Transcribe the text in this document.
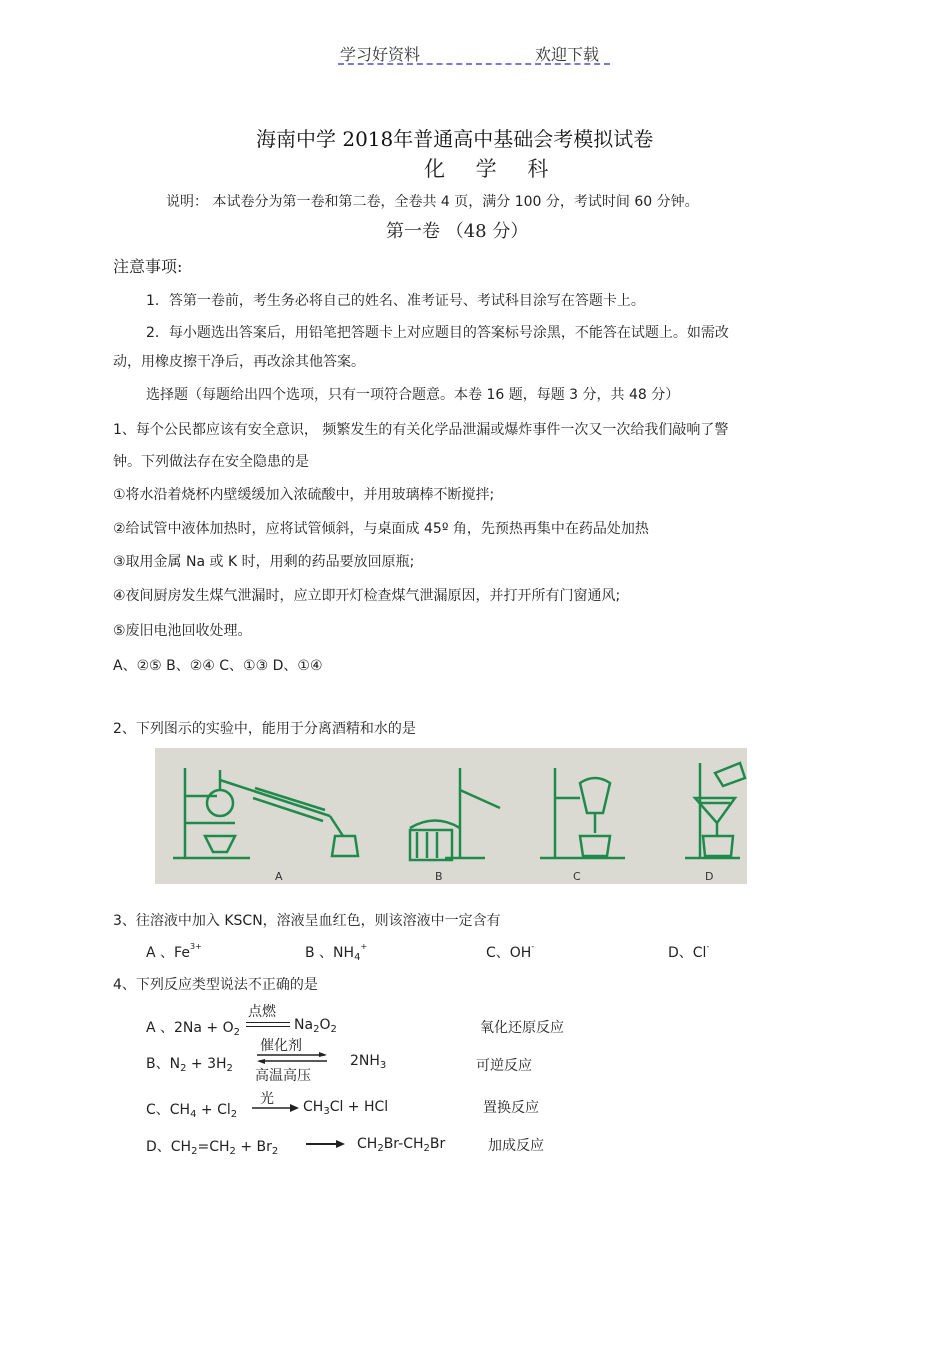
学习好资料	欢迎下载
海南中学 2018年普通高中基础会考模拟试卷
化 学 科
说明： 本试卷分为第一卷和第二卷，全卷共 4 页，满分 100 分，考试时间 60 分钟。
第一卷 （48 分）
注意事项:
1．答第一卷前，考生务必将自己的姓名、准考证号、考试科目涂写在答题卡上。
2．每小题选出答案后，用铅笔把答题卡上对应题目的答案标号涂黑，不能答在试题上。如需改
动，用橡皮擦干净后，再改涂其他答案。
选择题（每题给出四个选项，只有一项符合题意。本卷 16 题，每题 3 分，共 48 分）
1、每个公民都应该有安全意识， 频繁发生的有关化学品泄漏或爆炸事件一次又一次给我们敲响了警
钟。下列做法存在安全隐患的是
①将水沿着烧杯内壁缓缓加入浓硫酸中，并用玻璃棒不断搅拌;
②给试管中液体加热时，应将试管倾斜，与桌面成 45º 角，先预热再集中在药品处加热
③取用金属 Na 或 K 时，用剩的药品要放回原瓶;
④夜间厨房发生煤气泄漏时，应立即开灯检查煤气泄漏原因，并打开所有门窗通风;
⑤废旧电池回收处理。
A、②⑤ B、②④ C、①③ D、①④
2、下列图示的实验中，能用于分离酒精和水的是
A	B	C	D
3、往溶液中加入 KSCN，溶液呈血红色，则该溶液中一定含有
A 、$Fe^{3+}$	B 、$NH_4^+$	C、OH-	D、Cl-
4、下列反应类型说法不正确的是
A 、$2Na + O_2$
点燃
$Na_2O_2$	氧化还原反应
B、$N_2 + 3H_2$
催化剂
高温高压
$2NH_3$	可逆反应
C、$CH_4 + Cl_2$
光 $CH_3Cl$ + HCl	置换反应
D、$CH_2=CH_2 + Br_2$	$CH_2Br-CH_2Br$	加成反应
